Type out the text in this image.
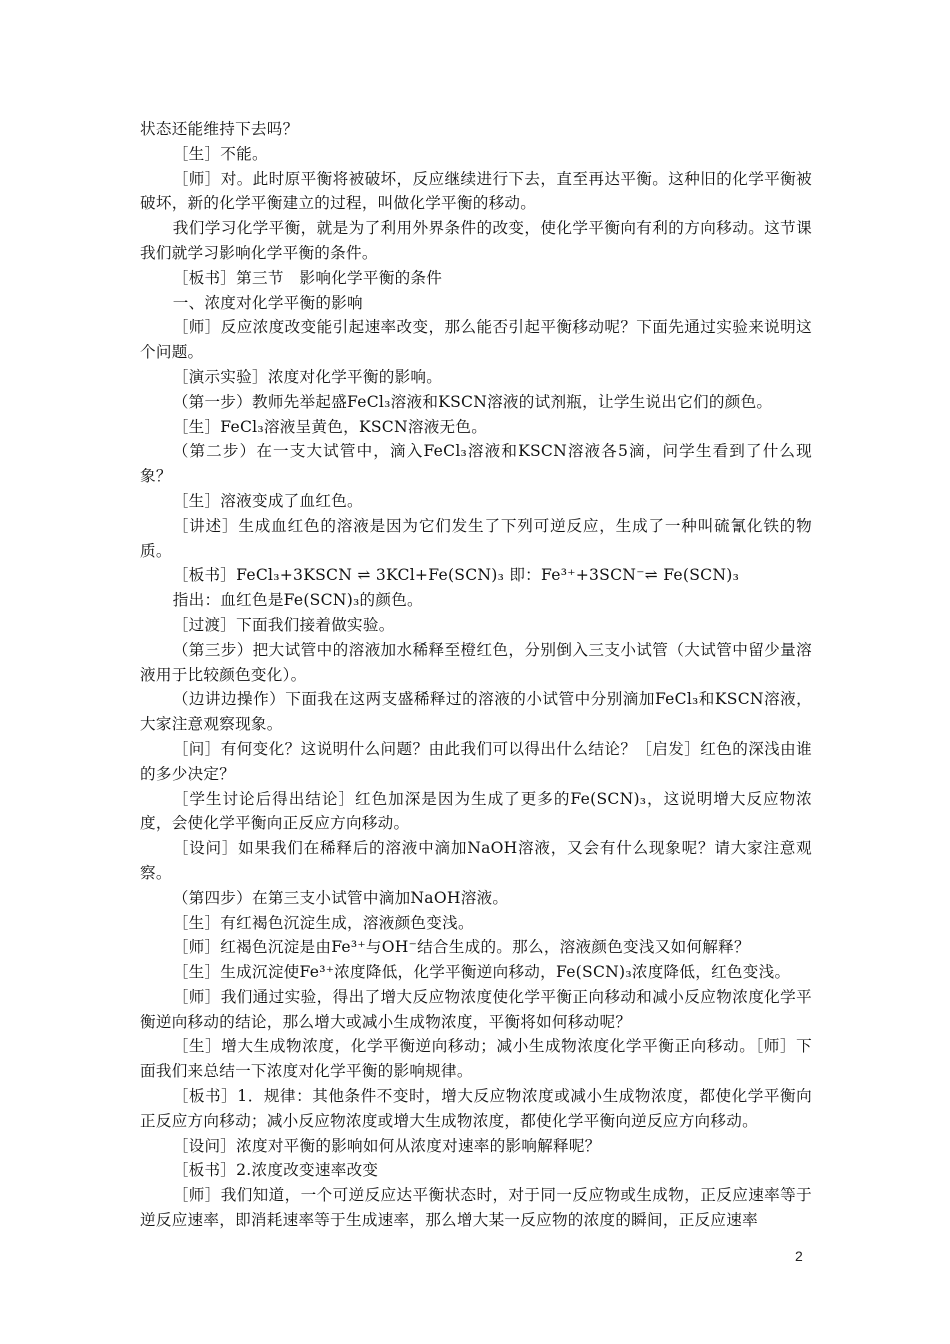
状态还能维持下去吗？

［生］不能。

［师］对。此时原平衡将被破坏，反应继续进行下去，直至再达平衡。这种旧的化学平衡被破坏，新的化学平衡建立的过程，叫做化学平衡的移动。

我们学习化学平衡，就是为了利用外界条件的改变，使化学平衡向有利的方向移动。这节课我们就学习影响化学平衡的条件。

［板书］第三节　影响化学平衡的条件

一、浓度对化学平衡的影响

［师］反应浓度改变能引起速率改变，那么能否引起平衡移动呢？下面先通过实验来说明这个问题。

［演示实验］浓度对化学平衡的影响。

（第一步）教师先举起盛FeCl₃溶液和KSCN溶液的试剂瓶，让学生说出它们的颜色。

［生］FeCl₃溶液呈黄色，KSCN溶液无色。

（第二步）在一支大试管中，滴入FeCl₃溶液和KSCN溶液各5滴，问学生看到了什么现象？

［生］溶液变成了血红色。

［讲述］生成血红色的溶液是因为它们发生了下列可逆反应，生成了一种叫硫氰化铁的物质。

［板书］FeCl₃+3KSCN ⇌ 3KCl+Fe(SCN)₃ 即：Fe³⁺+3SCN⁻⇌ Fe(SCN)₃

指出：血红色是Fe(SCN)₃的颜色。

［过渡］下面我们接着做实验。

（第三步）把大试管中的溶液加水稀释至橙红色，分别倒入三支小试管（大试管中留少量溶液用于比较颜色变化）。

（边讲边操作）下面我在这两支盛稀释过的溶液的小试管中分别滴加FeCl₃和KSCN溶液，大家注意观察现象。

［问］有何变化？这说明什么问题？由此我们可以得出什么结论？［启发］红色的深浅由谁的多少决定？

［学生讨论后得出结论］红色加深是因为生成了更多的Fe(SCN)₃，这说明增大反应物浓度，会使化学平衡向正反应方向移动。

［设问］如果我们在稀释后的溶液中滴加NaOH溶液，又会有什么现象呢？请大家注意观察。

（第四步）在第三支小试管中滴加NaOH溶液。

［生］有红褐色沉淀生成，溶液颜色变浅。

［师］红褐色沉淀是由Fe³⁺与OH⁻结合生成的。那么，溶液颜色变浅又如何解释？

［生］生成沉淀使Fe³⁺浓度降低，化学平衡逆向移动，Fe(SCN)₃浓度降低，红色变浅。

［师］我们通过实验，得出了增大反应物浓度使化学平衡正向移动和减小反应物浓度化学平衡逆向移动的结论，那么增大或减小生成物浓度，平衡将如何移动呢？

［生］增大生成物浓度，化学平衡逆向移动；减小生成物浓度化学平衡正向移动。［师］下面我们来总结一下浓度对化学平衡的影响规律。

［板书］1．规律：其他条件不变时，增大反应物浓度或减小生成物浓度，都使化学平衡向正反应方向移动；减小反应物浓度或增大生成物浓度，都使化学平衡向逆反应方向移动。

［设问］浓度对平衡的影响如何从浓度对速率的影响解释呢？

［板书］2.浓度改变速率改变

［师］我们知道，一个可逆反应达平衡状态时，对于同一反应物或生成物，正反应速率等于逆反应速率，即消耗速率等于生成速率，那么增大某一反应物的浓度的瞬间，正反应速率

2
